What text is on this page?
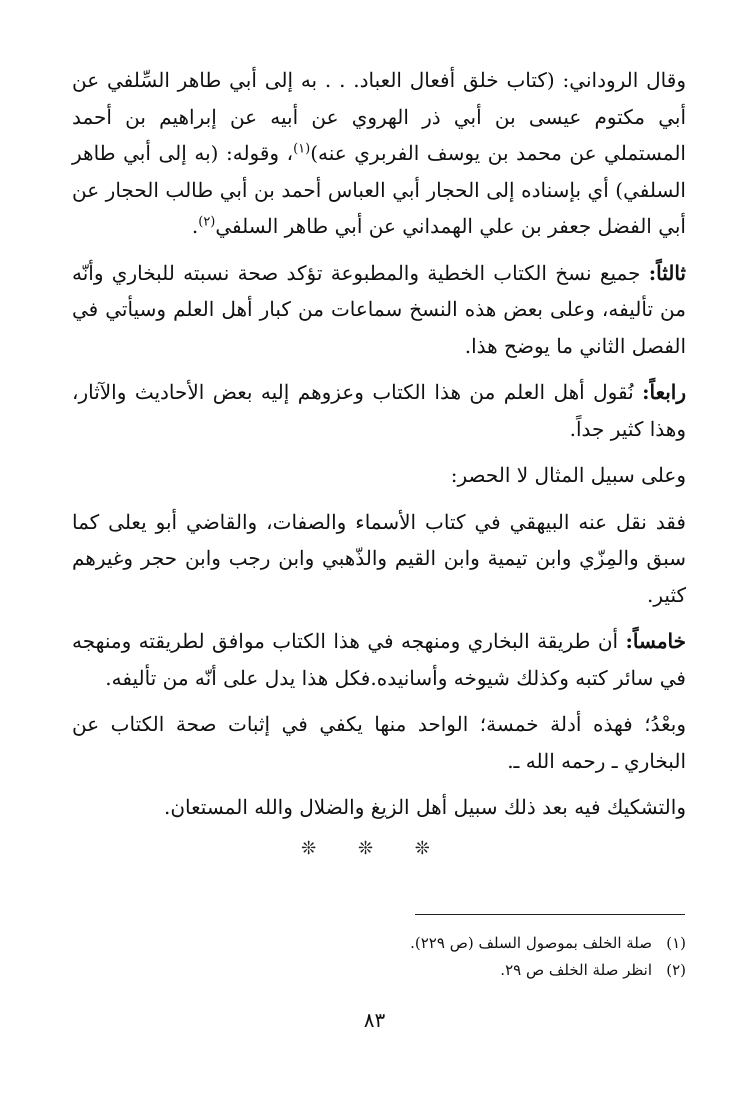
وقال الروداني: (كتاب خلق أفعال العباد. . . به إلى أبي طاهر السِّلفي عن أبي مكتوم عيسى بن أبي ذر الهروي عن أبيه عن إبراهيم بن أحمد المستملي عن محمد بن يوسف الفربري عنه)$^{(١)}$، وقوله: (به إلى أبي طاهر السلفي) أي بإسناده إلى الحجار أبي العباس أحمد بن أبي طالب الحجار عن أبي الفضل جعفر بن علي الهمداني عن أبي طاهر السلفي$^{(٢)}$.

ثالثاً: جميع نسخ الكتاب الخطية والمطبوعة تؤكد صحة نسبته للبخاري وأنّه من تأليفه، وعلى بعض هذه النسخ سماعات من كبار أهل العلم وسيأتي في الفصل الثاني ما يوضح هذا.

رابعاً: نُقول أهل العلم من هذا الكتاب وعزوهم إليه بعض الأحاديث والآثار، وهذا كثير جداً.

وعلى سبيل المثال لا الحصر:

فقد نقل عنه البيهقي في كتاب الأسماء والصفات، والقاضي أبو يعلى كما سبق والمِزّي وابن تيمية وابن القيم والذّهبي وابن رجب وابن حجر وغيرهم كثير.

خامساً: أن طريقة البخاري ومنهجه في هذا الكتاب موافق لطريقته ومنهجه في سائر كتبه وكذلك شيوخه وأسانيده.فكل هذا يدل على أنّه من تأليفه.

وبعْدُ؛ فهذه أدلة خمسة؛ الواحد منها يكفي في إثبات صحة الكتاب عن البخاري ـ رحمه الله ـ.

والتشكيك فيه بعد ذلك سبيل أهل الزيغ والضلال والله المستعان.

❊ ❊ ❊

(١)صلة الخلف بموصول السلف (ص ٢٢٩).

(٢)انظر صلة الخلف ص ٢٩.

٨٣
